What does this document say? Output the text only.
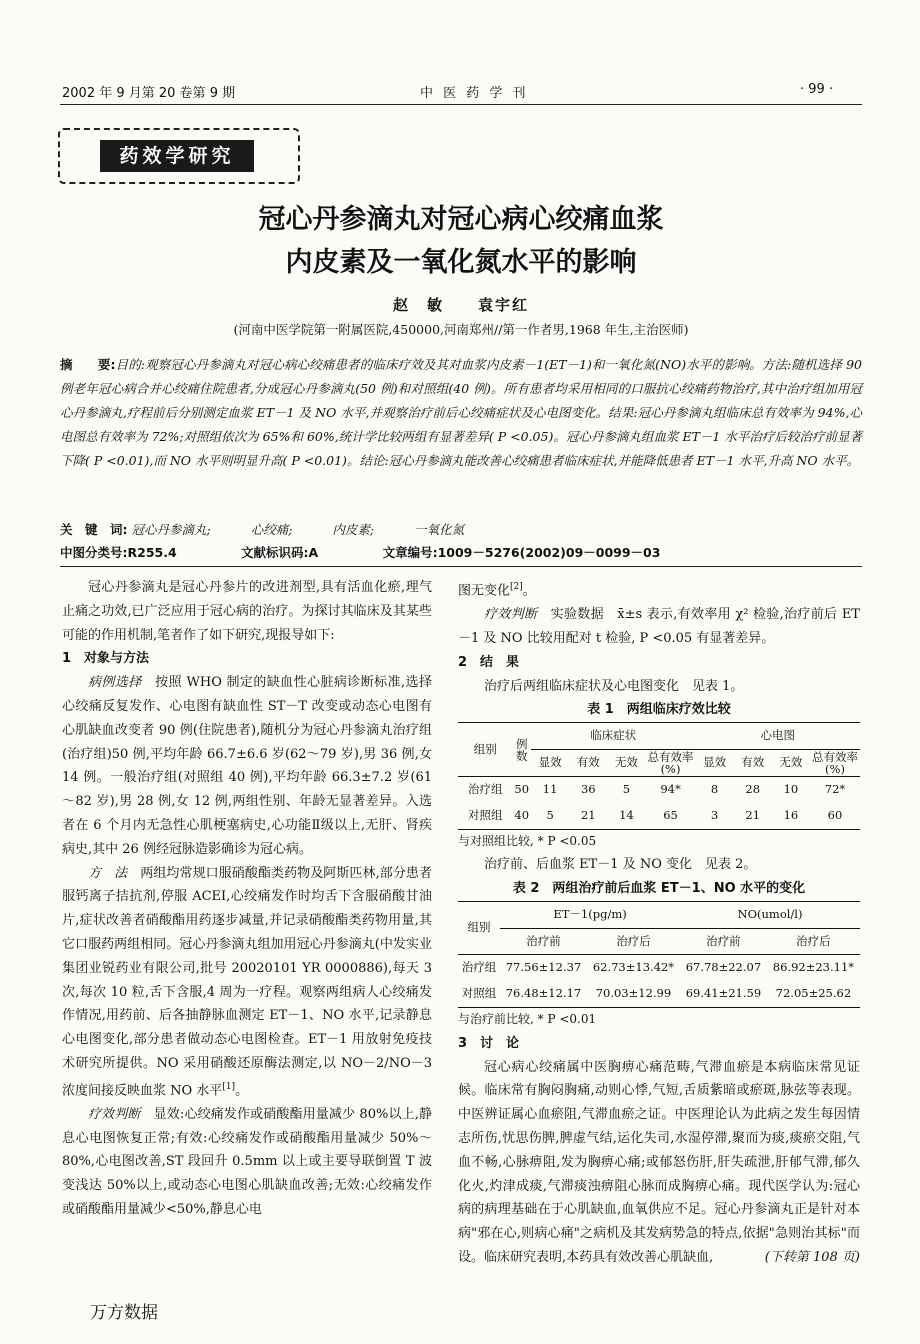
2002 年 9 月第 20 卷第 9 期	中 医 药 学 刊	· 99 ·
药效学研究
冠心丹参滴丸对冠心病心绞痛血浆
内皮素及一氧化氮水平的影响
赵　敏　　袁宇红
(河南中医学院第一附属医院,450000,河南郑州//第一作者男,1968 年生,主治医师)
摘　　要:目的:观察冠心丹参滴丸对冠心病心绞痛患者的临床疗效及其对血浆内皮素－1(ET－1)和一氧化氮(NO)水平的影响。方法:随机选择 90 例老年冠心病合并心绞痛住院患者,分成冠心丹参滴丸(50 例)和对照组(40 例)。所有患者均采用相同的口服抗心绞痛药物治疗,其中治疗组加用冠心丹参滴丸,疗程前后分别测定血浆 ET－1 及 NO 水平,并观察治疗前后心绞痛症状及心电图变化。结果:冠心丹参滴丸组临床总有效率为 94%,心电图总有效率为 72%;对照组依次为 65%和 60%,统计学比较两组有显著差异( P <0.05)。冠心丹参滴丸组血浆 ET－1 水平治疗后较治疗前显著下降( P <0.01),而 NO 水平则明显升高( P <0.01)。结论:冠心丹参滴丸能改善心绞痛患者临床症状,并能降低患者 ET－1 水平,升高 NO 水平。
关　键　词: 冠心丹参滴丸;	心绞痛;	内皮素;	一氧化氮
中图分类号:R255.4	文献标识码:A	文章编号:1009－5276(2002)09－0099－03

冠心丹参滴丸是冠心丹参片的改进剂型,具有活血化瘀,理气止痛之功效,已广泛应用于冠心病的治疗。为探讨其临床及其某些可能的作用机制,笔者作了如下研究,现报导如下:

1　对象与方法

病例选择　按照 WHO 制定的缺血性心脏病诊断标准,选择心绞痛反复发作、心电图有缺血性 ST－T 改变或动态心电图有心肌缺血改变者 90 例(住院患者),随机分为冠心丹参滴丸治疗组(治疗组)50 例,平均年龄 66.7±6.6 岁(62～79 岁),男 36 例,女 14 例。一般治疗组(对照组 40 例),平均年龄 66.3±7.2 岁(61～82 岁),男 28 例,女 12 例,两组性别、年龄无显著差异。入选者在 6 个月内无急性心肌梗塞病史,心功能Ⅱ级以上,无肝、肾疾病史,其中 26 例经冠脉造影确诊为冠心病。

方　法　两组均常规口服硝酸酯类药物及阿斯匹林,部分患者服钙离子拮抗剂,停服 ACEI,心绞痛发作时均舌下含服硝酸甘油片,症状改善者硝酸酯用药逐步减量,并记录硝酸酯类药物用量,其它口服药两组相同。冠心丹参滴丸组加用冠心丹参滴丸(中发实业集团业锐药业有限公司,批号 20020101 YR 0000886),每天 3 次,每次 10 粒,舌下含服,4 周为一疗程。观察两组病人心绞痛发作情况,用药前、后各抽静脉血测定 ET－1、NO 水平,记录静息心电图变化,部分患者做动态心电图检查。ET－1 用放射免疫技术研究所提供。NO 采用硝酸还原酶法测定,以 NO－2/NO－3 浓度间接反映血浆 NO 水平[1]。

疗效判断　显效:心绞痛发作或硝酸酯用量减少 80%以上,静息心电图恢复正常;有效:心绞痛发作或硝酸酯用量减少 50%～80%,心电图改善,ST 段回升 0.5mm 以上或主要导联倒置 T 波变浅达 50%以上,或动态心电图心肌缺血改善;无效:心绞痛发作或硝酸酯用量减少<50%,静息心电

图无变化[2]。

疗效判断　实验数据　x̄±s 表示,有效率用 χ² 检验,治疗前后 ET－1 及 NO 比较用配对 t 检验, P <0.05 有显著差异。

2　结　果

治疗后两组临床症状及心电图变化　见表 1。

表 1　两组临床疗效比较
组别	例数	临床症状				心电图			
		显效	有效	无效	总有效率(%)	显效	有效	无效	总有效率(%)
治疗组	50	11	36	5	94*	8	28	10	72*
对照组	40	5	21	14	65	3	21	16	60
与对照组比较, * P <0.05

治疗前、后血浆 ET－1 及 NO 变化　见表 2。

表 2　两组治疗前后血浆 ET－1、NO 水平的变化
组别	ET－1(pg/m)		NO(umol/l)	
	治疗前	治疗后	治疗前	治疗后
治疗组	77.56±12.37	62.73±13.42*	67.78±22.07	86.92±23.11*
对照组	76.48±12.17	70.03±12.99	69.41±21.59	72.05±25.62
与治疗前比较, * P <0.01

3　讨　论

冠心病心绞痛属中医胸痹心痛范畴,气滞血瘀是本病临床常见证候。临床常有胸闷胸痛,动则心悸,气短,舌质紫暗或瘀斑,脉弦等表现。中医辨证属心血瘀阻,气滞血瘀之证。中医理论认为此病之发生每因情志所伤,忧思伤脾,脾虚气结,运化失司,水湿停滞,聚而为痰,痰瘀交阻,气血不畅,心脉痹阻,发为胸痹心痛;或郁怒伤肝,肝失疏泄,肝郁气滞,郁久化火,灼津成痰,气滞痰浊痹阻心脉而成胸痹心痛。现代医学认为:冠心病的病理基础在于心肌缺血,血氧供应不足。冠心丹参滴丸正是针对本病"邪在心,则病心痛"之病机及其发病势急的特点,依据"急则治其标"而设。临床研究表明,本药具有效改善心肌缺血,	(下转第 108 页)

万方数据
